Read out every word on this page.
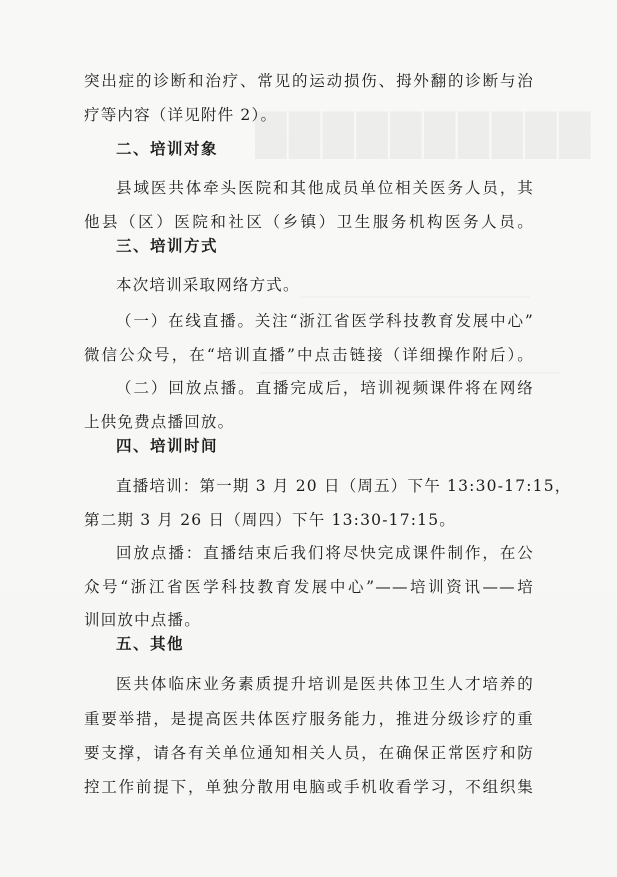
██████████
突出症的诊断和治疗、常见的运动损伤、拇外翻的诊断与治
疗等内容（详见附件 2）。
二、培训对象
县域医共体牵头医院和其他成员单位相关医务人员，其
他县（区）医院和社区（乡镇）卫生服务机构医务人员。
三、培训方式
本次培训采取网络方式。
（一）在线直播。关注“浙江省医学科技教育发展中心”
微信公众号，在“培训直播”中点击链接（详细操作附后）。
（二）回放点播。直播完成后，培训视频课件将在网络
上供免费点播回放。
四、培训时间
直播培训：第一期 3 月 20 日（周五）下午 13:30-17:15，
第二期 3 月 26 日（周四）下午 13:30-17:15。
回放点播：直播结束后我们将尽快完成课件制作，在公
众号“浙江省医学科技教育发展中心”——培训资讯——培
训回放中点播。
五、其他
医共体临床业务素质提升培训是医共体卫生人才培养的
重要举措，是提高医共体医疗服务能力，推进分级诊疗的重
要支撑，请各有关单位通知相关人员，在确保正常医疗和防
控工作前提下，单独分散用电脑或手机收看学习，不组织集
